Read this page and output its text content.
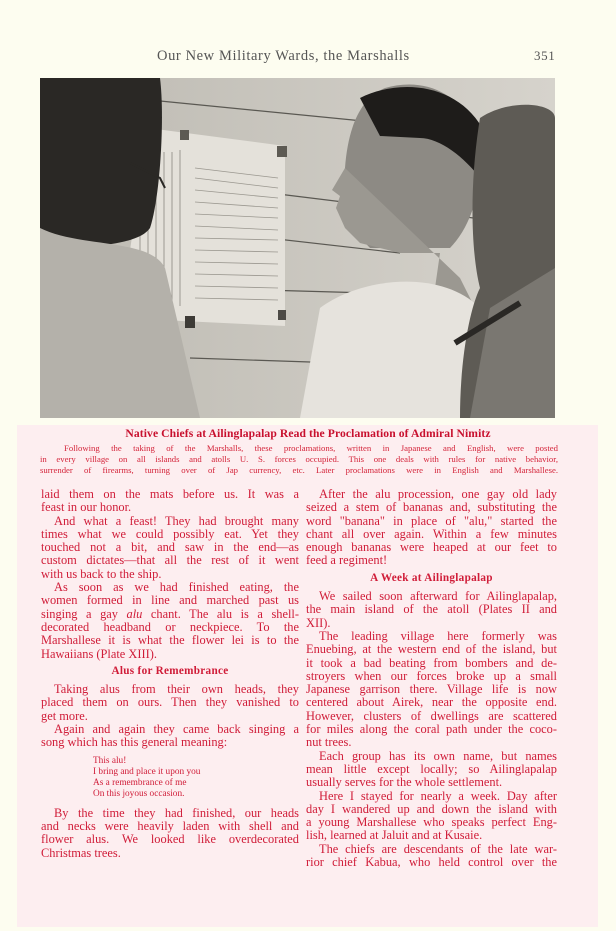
Our New Military Wards, the Marshalls	351
Native Chiefs at Ailinglapalap Read the Proclamation of Admiral Nimitz
Following the taking of the Marshalls, these proclamations, written in Japanese and English, were posted
in every village on all islands and atolls U. S. forces occupied. This one deals with rules for native behavior,
surrender of firearms, turning over of Jap currency, etc. Later proclamations were in English and Marshallese.
laid them on the mats before us. It was a
feast in our honor.
And what a feast! They had brought many
times what we could possibly eat. Yet they
touched not a bit, and saw in the end—as
custom dictates—that all the rest of it went
with us back to the ship.
As soon as we had finished eating, the
women formed in line and marched past us
singing a gay alu chant. The alu is a shell-
decorated headband or neckpiece. To the
Marshallese it is what the flower lei is to the
Hawaiians (Plate XIII).
Alus for Remembrance
Taking alus from their own heads, they
placed them on ours. Then they vanished to
get more.
Again and again they came back singing a
song which has this general meaning:
This alu!
I bring and place it upon you
As a remembrance of me
On this joyous occasion.
By the time they had finished, our heads
and necks were heavily laden with shell and
flower alus. We looked like overdecorated
Christmas trees.
After the alu procession, one gay old lady
seized a stem of bananas and, substituting the
word "banana" in place of "alu," started the
chant all over again. Within a few minutes
enough bananas were heaped at our feet to
feed a regiment!
A Week at Ailinglapalap
We sailed soon afterward for Ailinglapalap,
the main island of the atoll (Plates II and
XII).
The leading village here formerly was
Enuebing, at the western end of the island, but
it took a bad beating from bombers and de-
stroyers when our forces broke up a small
Japanese garrison there. Village life is now
centered about Airek, near the opposite end.
However, clusters of dwellings are scattered
for miles along the coral path under the coco-
nut trees.
Each group has its own name, but names
mean little except locally; so Ailinglapalap
usually serves for the whole settlement.
Here I stayed for nearly a week. Day after
day I wandered up and down the island with
a young Marshallese who speaks perfect Eng-
lish, learned at Jaluit and at Kusaie.
The chiefs are descendants of the late war-
rior chief Kabua, who held control over the
